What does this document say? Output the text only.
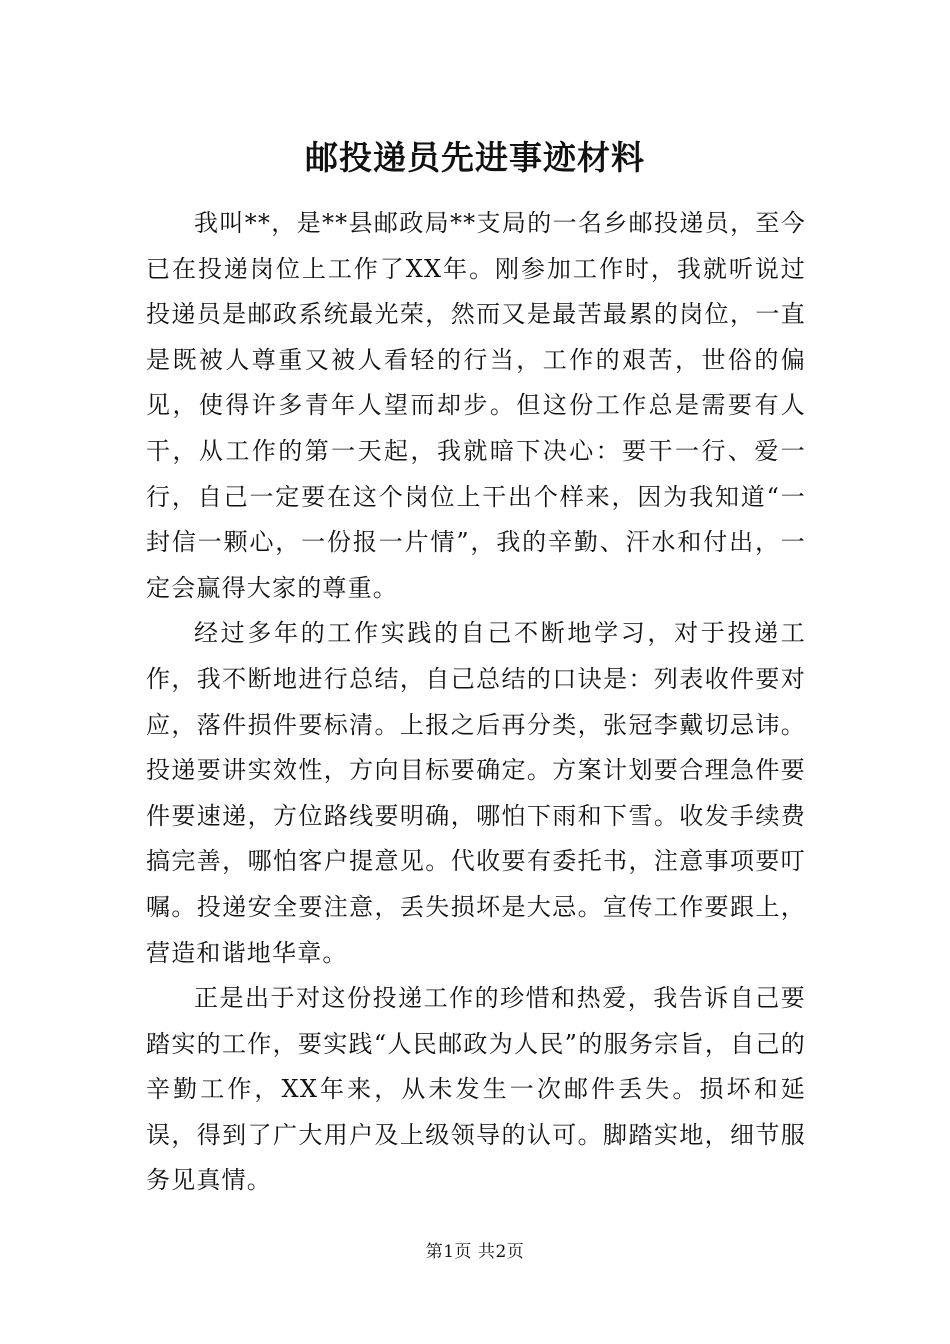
邮投递员先进事迹材料

我叫**，是**县邮政局**支局的一名乡邮投递员，至今已在投递岗位上工作了XX年。刚参加工作时，我就听说过投递员是邮政系统最光荣，然而又是最苦最累的岗位，一直是既被人尊重又被人看轻的行当，工作的艰苦，世俗的偏见，使得许多青年人望而却步。但这份工作总是需要有人干，从工作的第一天起，我就暗下决心：要干一行、爱一行，自己一定要在这个岗位上干出个样来，因为我知道“一封信一颗心，一份报一片情”，我的辛勤、汗水和付出，一定会赢得大家的尊重。

经过多年的工作实践的自己不断地学习，对于投递工作，我不断地进行总结，自己总结的口诀是：列表收件要对应，落件损件要标清。上报之后再分类，张冠李戴切忌讳。投递要讲实效性，方向目标要确定。方案计划要合理急件要件要速递，方位路线要明确，哪怕下雨和下雪。收发手续费搞完善，哪怕客户提意见。代收要有委托书，注意事项要叮嘱。投递安全要注意，丢失损坏是大忌。宣传工作要跟上，营造和谐地华章。

正是出于对这份投递工作的珍惜和热爱，我告诉自己要踏实的工作，要实践“人民邮政为人民”的服务宗旨，自己的辛勤工作，XX年来，从未发生一次邮件丢失。损坏和延误，得到了广大用户及上级领导的认可。脚踏实地，细节服务见真情。

第1页 共2页
